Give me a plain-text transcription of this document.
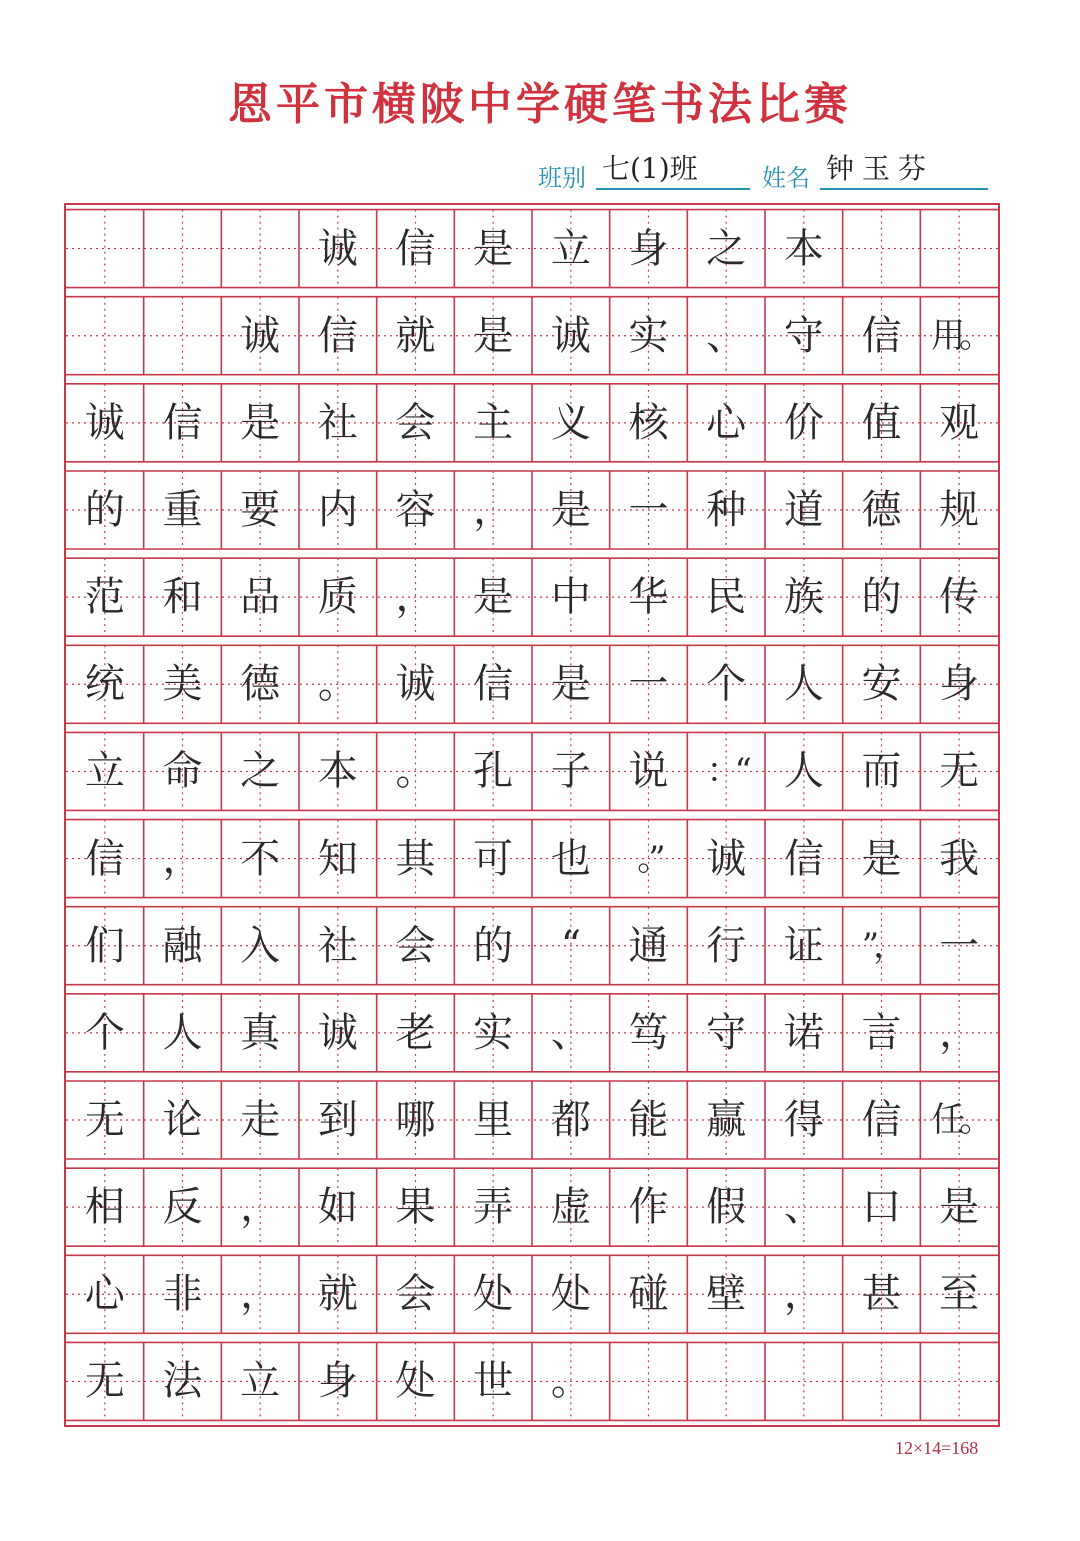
恩平市横陂中学硬笔书法比赛
班别 七(1)班	姓名 钟玉芬
诚 信 是 立 身 之 本
诚 信 就 是 诚 实 、 守 信 用。
诚 信 是 社 会 主 义 核 心 价 值 观
的 重 要 内 容 ， 是 一 种 道 德 规
范 和 品 质 ， 是 中 华 民 族 的 传
统 美 德 。 诚 信 是 一 个 人 安 身
立 命 之 本 。 孔 子 说	：“ 人 而 无
信 ， 不 知 其 可 也	。”	诚 信 是 我
们 融 入 社 会 的	“	通 行 证	”， 一
个 人 真 诚 老 实 、 笃 守 诺 言 ，
无 论 走 到 哪 里 都 能 赢 得 信 任。
相 反 ， 如 果 弄 虚 作 假 、 口 是
心 非 ， 就 会 处 处 碰 壁 ， 甚 至
无 法 立 身 处 世 。
12×14=168
